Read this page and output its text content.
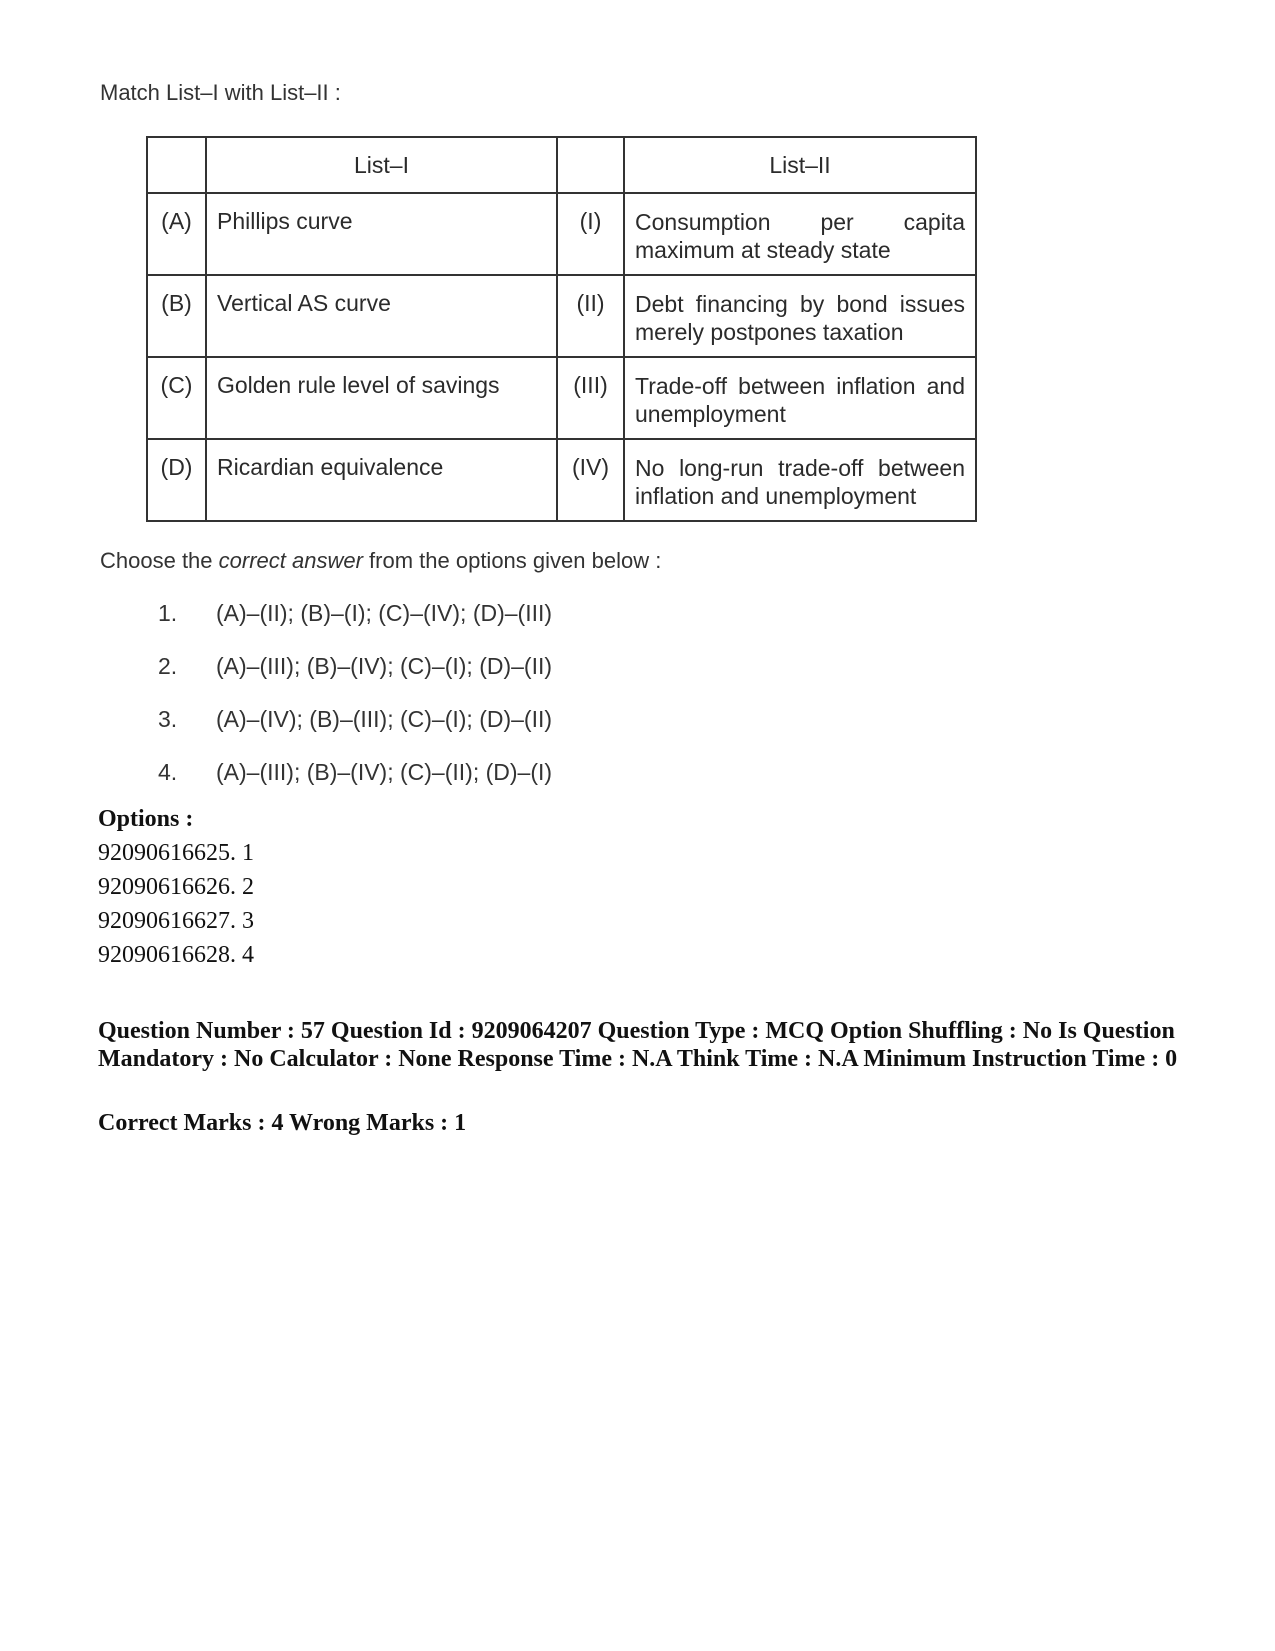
Match List–I with List–II :
	List–I		List–II

(A)	Phillips curve	(I)	Consumption per capita maximum at steady state

(B)	Vertical AS curve	(II)	Debt financing by bond issues merely postpones taxation

(C)	Golden rule level of savings	(III)	Trade-off between inflation and unemployment

(D)	Ricardian equivalence	(IV)	No long-run trade-off between inflation and unemployment
Choose the correct answer from the options given below :
1.	(A)–(II); (B)–(I); (C)–(IV); (D)–(III)
2.	(A)–(III); (B)–(IV); (C)–(I); (D)–(II)
3.	(A)–(IV); (B)–(III); (C)–(I); (D)–(II)
4.	(A)–(III); (B)–(IV); (C)–(II); (D)–(I)
Options :
92090616625. 1
92090616626. 2
92090616627. 3
92090616628. 4
Question Number : 57 Question Id : 9209064207 Question Type : MCQ Option Shuffling : No Is Question Mandatory : No Calculator : None Response Time : N.A Think Time : N.A Minimum Instruction Time : 0
Correct Marks : 4 Wrong Marks : 1
